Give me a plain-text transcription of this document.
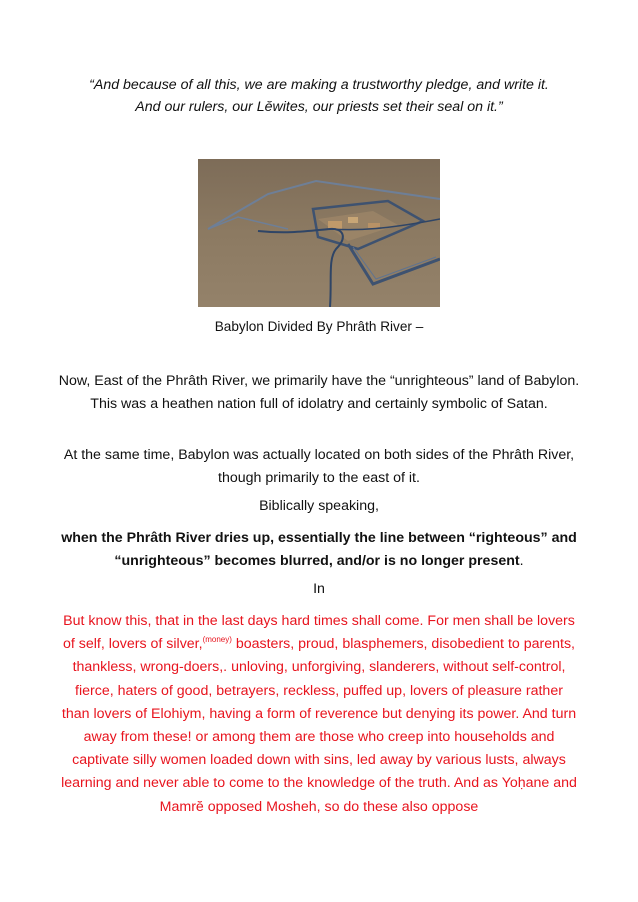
“And because of all this, we are making a trustworthy pledge, and write it.
And our rulers, our Lĕwites, our priests set their seal on it.”
Babylon Divided By Phrâth River –
Now, East of the Phrâth River, we primarily have the “unrighteous” land of Babylon. This was a heathen nation full of idolatry and certainly symbolic of Satan.
At the same time, Babylon was actually located on both sides of the Phrâth River, though primarily to the east of it.
Biblically speaking,
when the Phrâth River dries up, essentially the line between “righteous” and “unrighteous” becomes blurred, and/or is no longer present.
In
But know this, that in the last days hard times shall come. For men shall be lovers of self, lovers of silver,$^{(money)}$ boasters, proud, blasphemers, disobedient to parents, thankless, wrong-doers,. unloving, unforgiving, slanderers, without self-control, fierce, haters of good, betrayers, reckless, puffed up, lovers of pleasure rather than lovers of Elohiym, having a form of reverence but denying its power. And turn away from these! or among them are those who creep into households and captivate silly women loaded down with sins, led away by various lusts, always learning and never able to come to the knowledge of the truth. And as Yoḥane and Mamrĕ opposed Mosheh, so do these also oppose
